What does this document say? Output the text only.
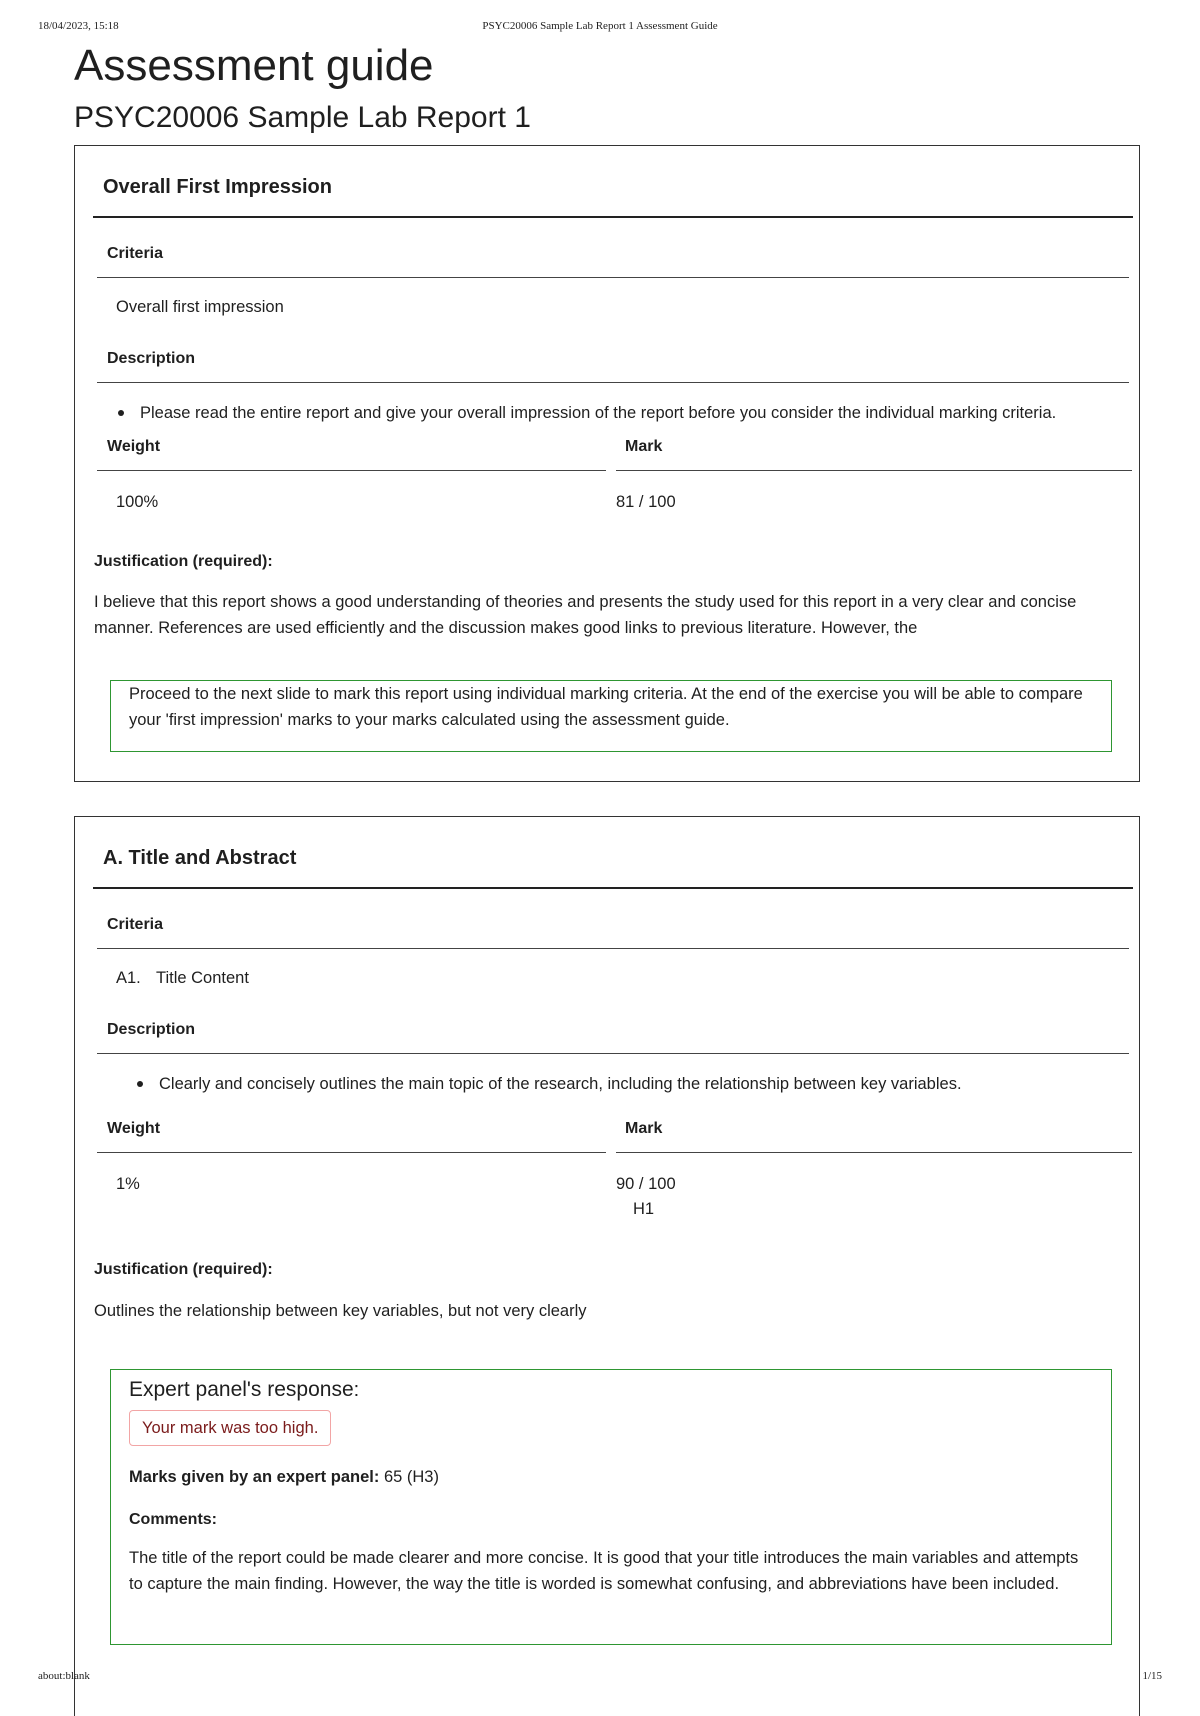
18/04/2023, 15:18	PSYC20006 Sample Lab Report 1 Assessment Guide
Assessment guide
PSYC20006 Sample Lab Report 1
Overall First Impression
Criteria
Overall first impression
Description
Please read the entire report and give your overall impression of the report before you consider the individual marking criteria.
Weight	Mark
100%	81 / 100
Justification (required):
I believe that this report shows a good understanding of theories and presents the study used for this report in a very clear and concise manner. References are used efficiently and the discussion makes good links to previous literature. However, the
Proceed to the next slide to mark this report using individual marking criteria. At the end of the exercise you will be able to compare your 'first impression' marks to your marks calculated using the assessment guide.
A. Title and Abstract
Criteria
A1. Title Content
Description
Clearly and concisely outlines the main topic of the research, including the relationship between key variables.
Weight	Mark
1%	90 / 100
H1
Justification (required):
Outlines the relationship between key variables, but not very clearly
Expert panel's response:
Your mark was too high.
Marks given by an expert panel: 65 (H3)
Comments:
The title of the report could be made clearer and more concise. It is good that your title introduces the main variables and attempts to capture the main finding. However, the way the title is worded is somewhat confusing, and abbreviations have been included.
about:blank	1/15
